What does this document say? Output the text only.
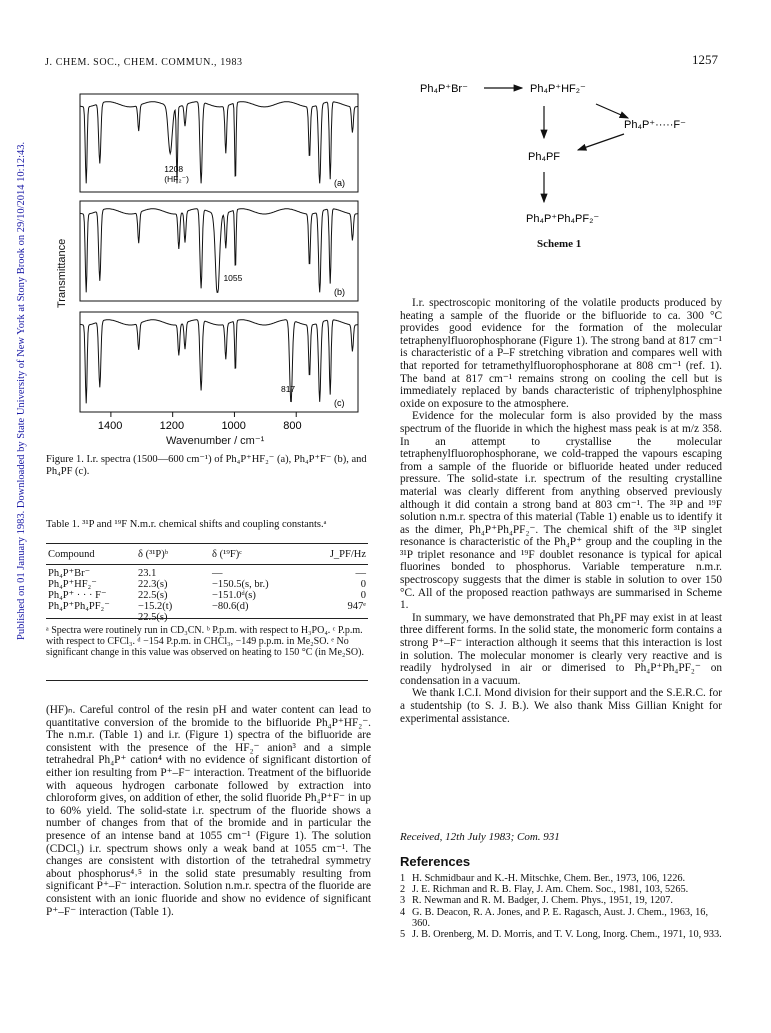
J. CHEM. SOC., CHEM. COMMUN., 1983	1257
Published on 01 January 1983. Downloaded by State University of New York at Stony Brook on 29/10/2014 10:12:43.	(a)
1208
(HF₂⁻)
(b)
1055
(c)
817
Transmittance
1400	1200	1000	800
Wavenumber / cm⁻¹
Figure 1. I.r. spectra (1500—600 cm⁻¹) of Ph₄P⁺HF₂⁻ (a), Ph₄P⁺F⁻ (b), and Ph₄PF (c).
Table 1. ³¹P and ¹⁹F N.m.r. chemical shifts and coupling constants.ᵃ
Compound	δ (³¹P)ᵇ	δ (¹⁹F)ᶜ	J_PF/Hz
Ph₄P⁺Br⁻	23.1	—	—
Ph₄P⁺HF₂⁻	22.3(s)	−150.5(s, br.)	0
Ph₄P⁺ · · · F⁻	22.5(s)	−151.0ᵈ(s)	0
Ph₄P⁺Ph₄PF₂⁻	−15.2(t)	−80.6(d)	947ᵉ

ᵃ Spectra were routinely run in CD₃CN. ᵇ P.p.m. with respect to H₃PO₄. ᶜ P.p.m. with respect to CFCl₃. ᵈ −154 P.p.m. in CHCl₃, −149 p.p.m. in Me₂SO. ᵉ No significant change in this value was observed on heating to 150 °C (in Me₂SO).

(HF)ₙ. Careful control of the resin pH and water content can lead to quantitative conversion of the bromide to the bifluoride Ph₄P⁺HF₂⁻. The n.m.r. (Table 1) and i.r. (Figure 1) spectra of the bifluoride are consistent with the presence of the HF₂⁻ anion³ and a simple tetrahedral Ph₄P⁺ cation⁴ with no evidence of significant distortion of either ion resulting from P⁺–F⁻ interaction. Treatment of the bifluoride with aqueous hydrogen carbonate followed by extraction into chloroform gives, on addition of ether, the solid fluoride Ph₄P⁺F⁻ in up to 60% yield. The solid-state i.r. spectrum of the fluoride shows a number of changes from that of the bromide and in particular the presence of an intense band at 1055 cm⁻¹ (Figure 1). The solution (CDCl₃) i.r. spectrum shows only a weak band at 1055 cm⁻¹. The changes are consistent with distortion of the tetrahedral symmetry about phosphorus⁴˒⁵ in the solid state presumably resulting from significant P⁺–F⁻ interaction. Solution n.m.r. spectra of the fluoride are consistent with an ionic fluoride and show no evidence of significant P⁺–F⁻ interaction (Table 1).

Ph₄P⁺Br⁻	Ph₄P⁺HF₂⁻
Ph₄P⁺·····F⁻
Ph₄PF
Ph₄P⁺Ph₄PF₂⁻
Scheme 1

I.r. spectroscopic monitoring of the volatile products produced by heating a sample of the fluoride or the bifluoride to ca. 300 °C provides good evidence for the formation of the molecular tetraphenylfluorophosphorane (Figure 1). The strong band at 817 cm⁻¹ is characteristic of a P–F stretching vibration and compares well with that reported for tetramethylfluorophosphorane at 808 cm⁻¹ (ref. 1). The band at 817 cm⁻¹ remains strong on cooling the cell but is immediately replaced by bands characteristic of triphenylphosphine oxide on exposure to the atmosphere.

Evidence for the molecular form is also provided by the mass spectrum of the fluoride in which the highest mass peak is at m/z 358. In an attempt to crystallise the molecular tetraphenylfluorophosphorane, we cold-trapped the vapours escaping from a sample of the fluoride or bifluoride heated under reduced pressure. The solid-state i.r. spectrum of the resulting crystalline material was clearly different from anything observed previously although it did contain a strong band at 803 cm⁻¹. The ³¹P and ¹⁹F solution n.m.r. spectra of this material (Table 1) enable us to identify it as the dimer, Ph₄P⁺Ph₄PF₂⁻. The chemical shift of the ³¹P singlet resonance is characteristic of the Ph₄P⁺ group and the coupling in the ³¹P triplet resonance and ¹⁹F doublet resonance is typical for apical fluorines bonded to phosphorus. Variable temperature n.m.r. spectroscopy suggests that the dimer is stable in solution to over 150 °C. All of the proposed reaction pathways are summarised in Scheme 1.

In summary, we have demonstrated that Ph₄PF may exist in at least three different forms. In the solid state, the monomeric form contains a strong P⁺–F⁻ interaction although it seems that this interaction is lost in solution. The molecular monomer is clearly very reactive and is readily hydrolysed in air or dimerised to Ph₄P⁺Ph₄PF₂⁻ on condensation in a vacuum.

We thank I.C.I. Mond division for their support and the S.E.R.C. for a studentship (to S. J. B.). We also thank Miss Gillian Knight for experimental assistance.

Received, 12th July 1983; Com. 931
References

1 H. Schmidbaur and K.-H. Mitschke, Chem. Ber., 1973, 106, 1226.

2 J. E. Richman and R. B. Flay, J. Am. Chem. Soc., 1981, 103, 5265.

3 R. Newman and R. M. Badger, J. Chem. Phys., 1951, 19, 1207.

4 G. B. Deacon, R. A. Jones, and P. E. Ragasch, Aust. J. Chem., 1963, 16, 360.

5 J. B. Orenberg, M. D. Morris, and T. V. Long, Inorg. Chem., 1971, 10, 933.
